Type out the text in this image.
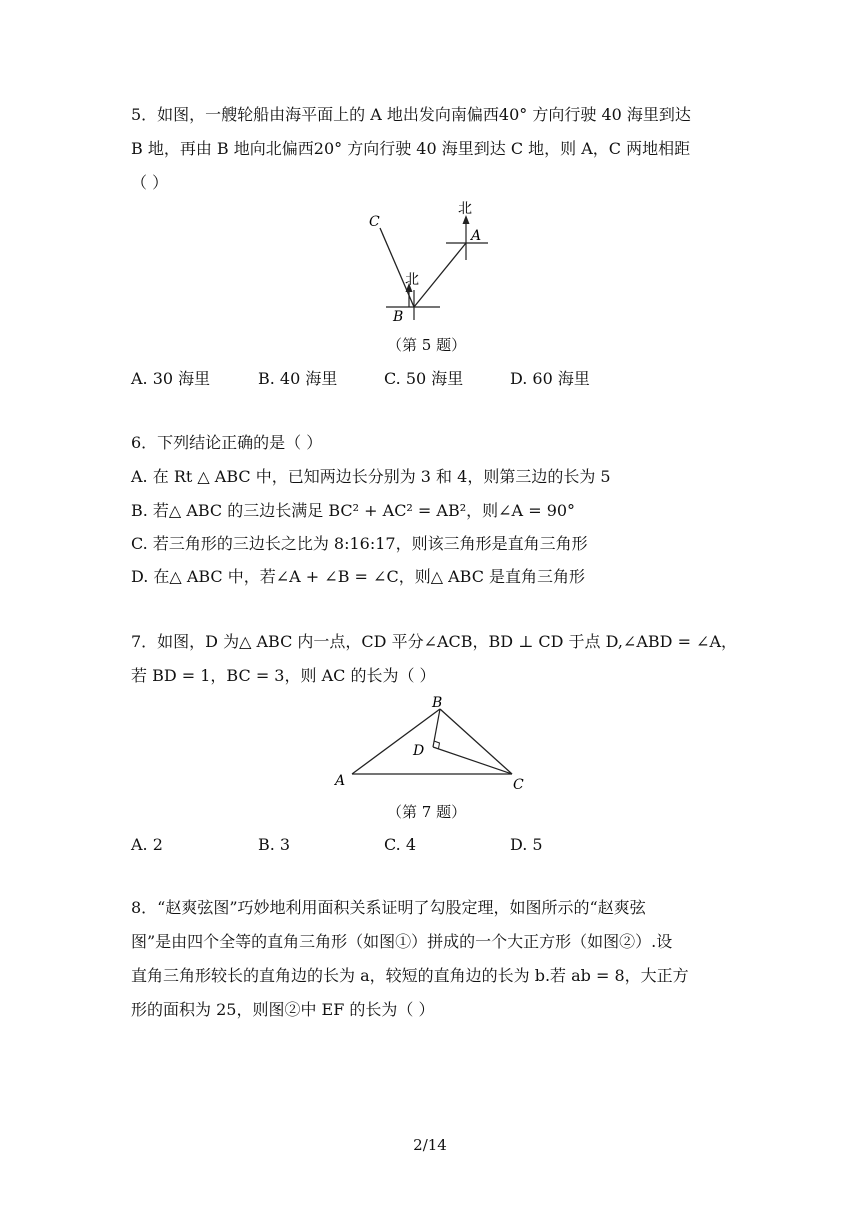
5．如图，一艘轮船由海平面上的 A 地出发向南偏西40° 方向行驶 40 海里到达
B 地，再由 B 地向北偏西20° 方向行驶 40 海里到达 C 地，则 A，C 两地相距
（ ）
C
A
B
北
北
（第 5 题）
A. 30 海里	B. 40 海里	C. 50 海里	D. 60 海里
6．下列结论正确的是（ ）
A. 在 Rt △ ABC 中，已知两边长分别为 3 和 4，则第三边的长为 5
B. 若△ ABC 的三边长满足 BC² + AC² = AB²，则∠A = 90°
C. 若三角形的三边长之比为 8:16:17，则该三角形是直角三角形
D. 在△ ABC 中，若∠A + ∠B = ∠C，则△ ABC 是直角三角形
7．如图，D 为△ ABC 内一点，CD 平分∠ACB，BD ⊥ CD 于点 D,∠ABD = ∠A，
若 BD = 1，BC = 3，则 AC 的长为（ ）
A
B
C
D
（第 7 题）
A. 2	B. 3	C. 4	D. 5
8．“赵爽弦图”巧妙地利用面积关系证明了勾股定理，如图所示的“赵爽弦
图”是由四个全等的直角三角形（如图①）拼成的一个大正方形（如图②）.设
直角三角形较长的直角边的长为 a，较短的直角边的长为 b.若 ab = 8，大正方
形的面积为 25，则图②中 EF 的长为（ ）
2/14
